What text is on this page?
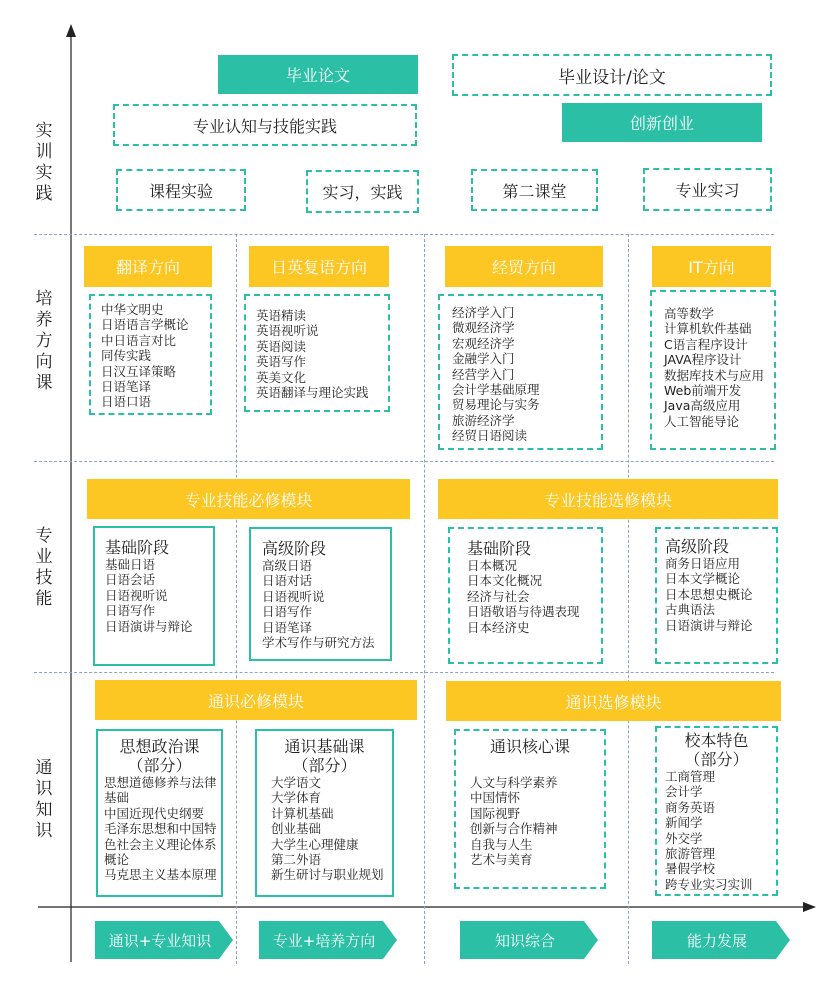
实训实践
培养方向课
专业技能
通识知识
毕业论文	毕业设计/论文
专业认知与技能实践	创新创业
课程实验	实习，实践	第二课堂	专业实习
翻译方向
中华文明史
日语语言学概论
中日语言对比
同传实践
日汉互译策略
日语笔译
日语口语
日英复语方向
英语精读
英语视听说
英语阅读
英语写作
英美文化
英语翻译与理论实践
经贸方向
经济学入门
微观经济学
宏观经济学
金融学入门
经营学入门
会计学基础原理
贸易理论与实务
旅游经济学
经贸日语阅读
IT方向
高等数学
计算机软件基础
C语言程序设计
JAVA程序设计
数据库技术与应用
Web前端开发
Java高级应用
人工智能导论
专业技能必修模块	专业技能选修模块
基础阶段
基础日语
日语会话
日语视听说
日语写作
日语演讲与辩论
高级阶段
高级日语
日语对话
日语视听说
日语写作
日语笔译
学术写作与研究方法
基础阶段
日本概况
日本文化概况
经济与社会
日语敬语与待遇表现
日本经济史
高级阶段
商务日语应用
日本文学概论
日本思想史概论
古典语法
日语演讲与辩论
通识必修模块	通识选修模块
思想政治课
（部分）
思想道德修养与法律
基础
中国近现代史纲要
毛泽东思想和中国特
色社会主义理论体系
概论
马克思主义基本原理
通识基础课
（部分）
大学语文
大学体育
计算机基础
创业基础
大学生心理健康
第二外语
新生研讨与职业规划
通识核心课
人文与科学素养
中国情怀
国际视野
创新与合作精神
自我与人生
艺术与美育
校本特色
（部分）
工商管理
会计学
商务英语
新闻学
外交学
旅游管理
暑假学校
跨专业实习实训
通识+专业知识	专业+培养方向	知识综合	能力发展
